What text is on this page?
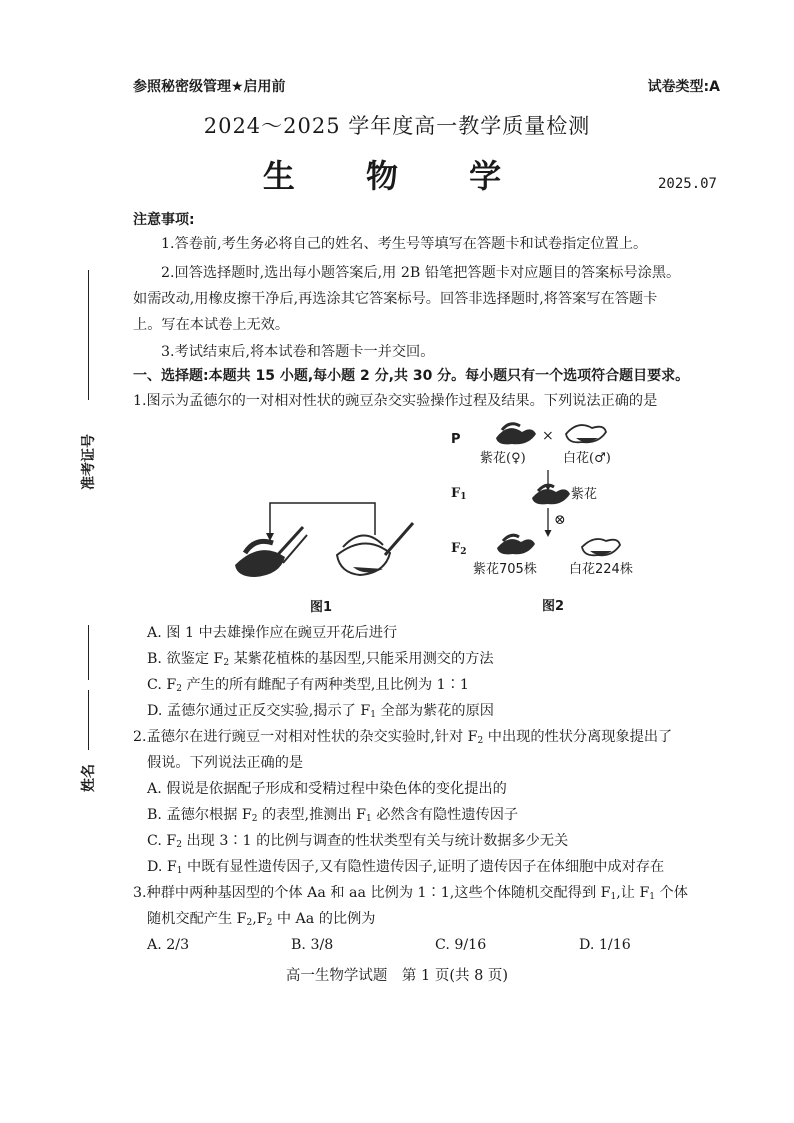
参照秘密级管理★启用前	试卷类型:A
2024～2025 学年度高一教学质量检测
生 物 学	2025.07
准考证号
姓名
注意事项:
1.答卷前,考生务必将自己的姓名、考生号等填写在答题卡和试卷指定位置上。
2.回答选择题时,选出每小题答案后,用 2B 铅笔把答题卡对应题目的答案标号涂黑。
如需改动,用橡皮擦干净后,再选涂其它答案标号。回答非选择题时,将答案写在答题卡
上。写在本试卷上无效。
3.考试结束后,将本试卷和答题卡一并交回。
一、选择题:本题共 15 小题,每小题 2 分,共 30 分。每小题只有一个选项符合题目要求。
1.图示为孟德尔的一对相对性状的豌豆杂交实验操作过程及结果。下列说法正确的是
图1
P	×
紫花(♀)	白花(♂)
$F_1$	紫花
⊗
$F_2$
紫花705株 白花224株
图2
A. 图 1 中去雄操作应在豌豆开花后进行
B. 欲鉴定 $F_2$ 某紫花植株的基因型,只能采用测交的方法
C. $F_2$ 产生的所有雌配子有两种类型,且比例为 1∶1
D. 孟德尔通过正反交实验,揭示了 $F_1$ 全部为紫花的原因
2.孟德尔在进行豌豆一对相对性状的杂交实验时,针对 $F_2$ 中出现的性状分离现象提出了
假说。下列说法正确的是
A. 假说是依据配子形成和受精过程中染色体的变化提出的
B. 孟德尔根据 $F_2$ 的表型,推测出 $F_1$ 必然含有隐性遗传因子
C. $F_2$ 出现 3∶1 的比例与调查的性状类型有关与统计数据多少无关
D. $F_1$ 中既有显性遗传因子,又有隐性遗传因子,证明了遗传因子在体细胞中成对存在
3.种群中两种基因型的个体 Aa 和 aa 比例为 1∶1,这些个体随机交配得到 $F_1$,让 $F_1$ 个体
随机交配产生 $F_2,F_2$ 中 Aa 的比例为
A. 2/3	B. 3/8	C. 9/16	D. 1/16
高一生物学试题　第 1 页(共 8 页)
